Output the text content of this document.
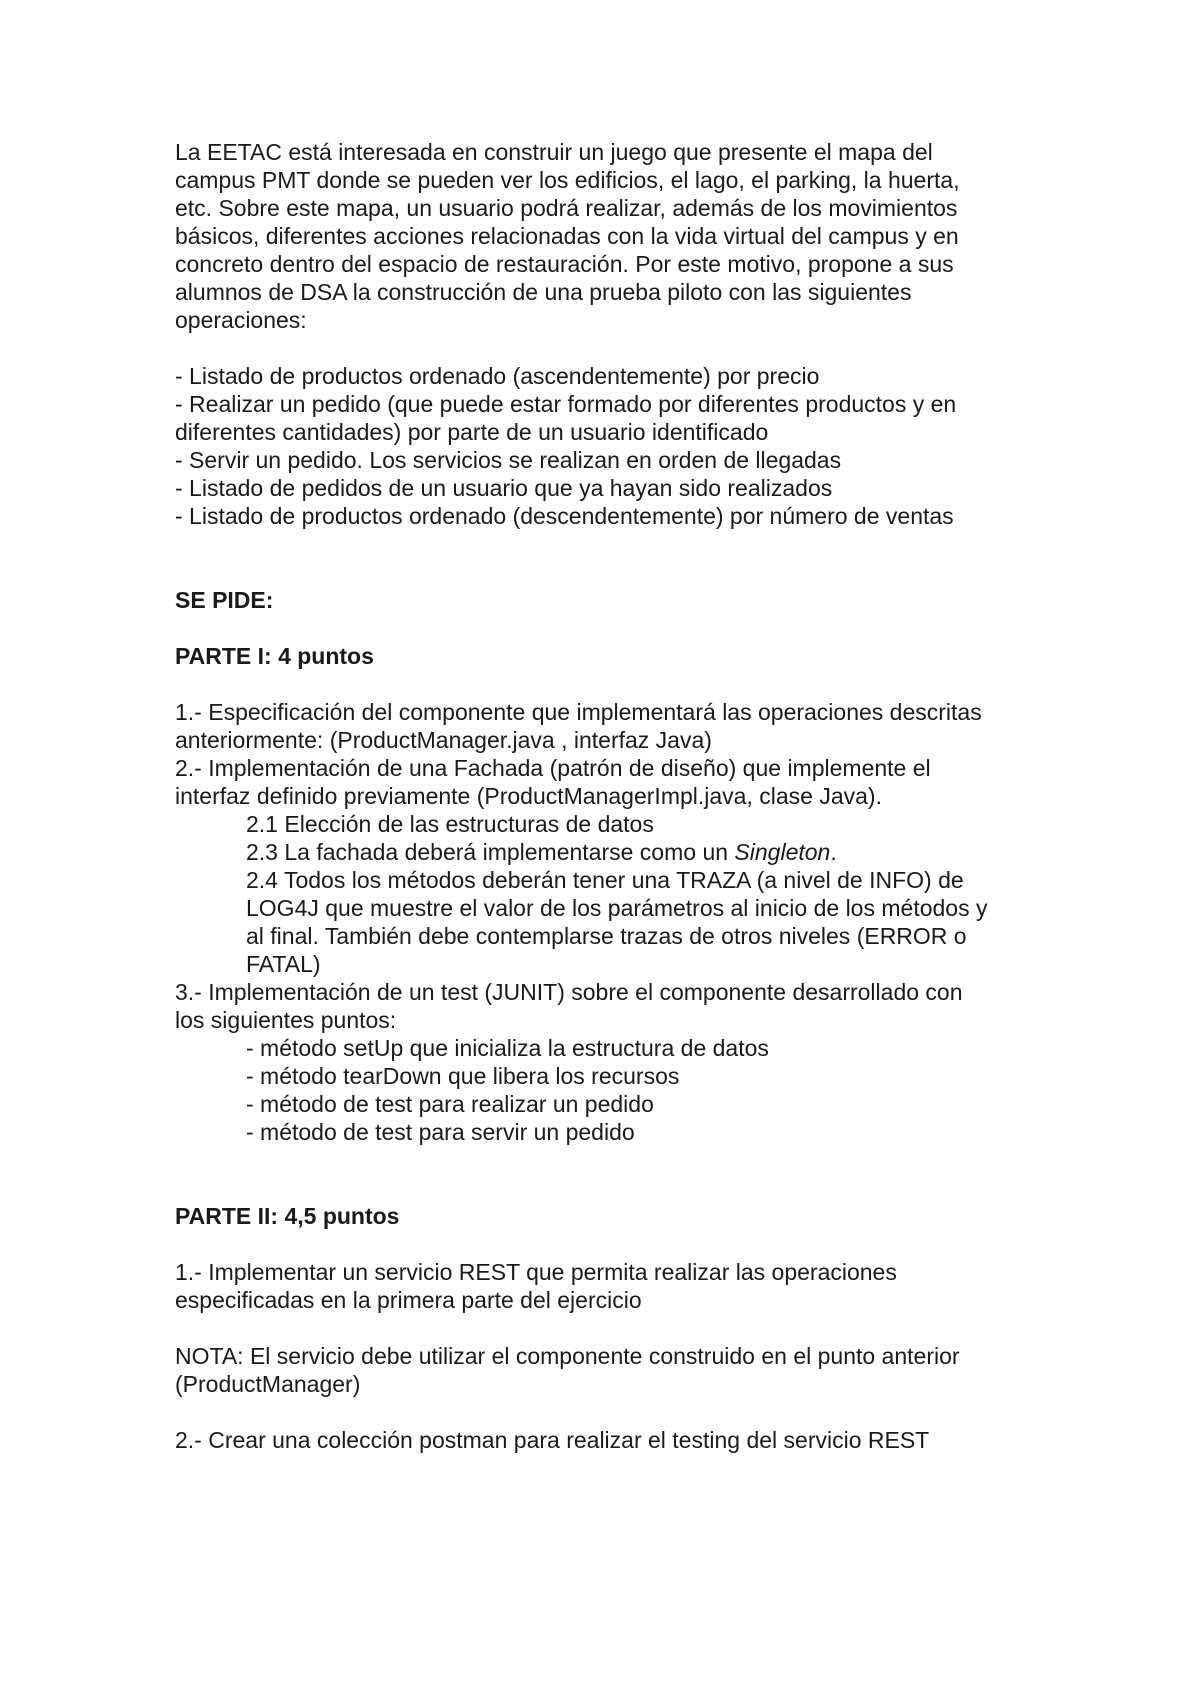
La EETAC está interesada en construir un juego que presente el mapa del
campus PMT donde se pueden ver los edificios, el lago, el parking, la huerta,
etc. Sobre este mapa, un usuario podrá realizar, además de los movimientos
básicos, diferentes acciones relacionadas con la vida virtual del campus y en
concreto dentro del espacio de restauración. Por este motivo, propone a sus
alumnos de DSA la construcción de una prueba piloto con las siguientes
operaciones:
- Listado de productos ordenado (ascendentemente) por precio
- Realizar un pedido (que puede estar formado por diferentes productos y en
diferentes cantidades) por parte de un usuario identificado
- Servir un pedido. Los servicios se realizan en orden de llegadas
- Listado de pedidos de un usuario que ya hayan sido realizados
- Listado de productos ordenado (descendentemente) por número de ventas
SE PIDE:
PARTE I: 4 puntos
1.- Especificación del componente que implementará las operaciones descritas
anteriormente: (ProductManager.java , interfaz Java)
2.- Implementación de una Fachada (patrón de diseño) que implemente el
interfaz definido previamente (ProductManagerImpl.java, clase Java).
2.1 Elección de las estructuras de datos
2.3 La fachada deberá implementarse como un Singleton.
2.4 Todos los métodos deberán tener una TRAZA (a nivel de INFO) de
LOG4J que muestre el valor de los parámetros al inicio de los métodos y
al final. También debe contemplarse trazas de otros niveles (ERROR o
FATAL)
3.- Implementación de un test (JUNIT) sobre el componente desarrollado con
los siguientes puntos:
- método setUp que inicializa la estructura de datos
- método tearDown que libera los recursos
- método de test para realizar un pedido
- método de test para servir un pedido
PARTE II: 4,5 puntos
1.- Implementar un servicio REST que permita realizar las operaciones
especificadas en la primera parte del ejercicio
NOTA: El servicio debe utilizar el componente construido en el punto anterior
(ProductManager)
2.- Crear una colección postman para realizar el testing del servicio REST
